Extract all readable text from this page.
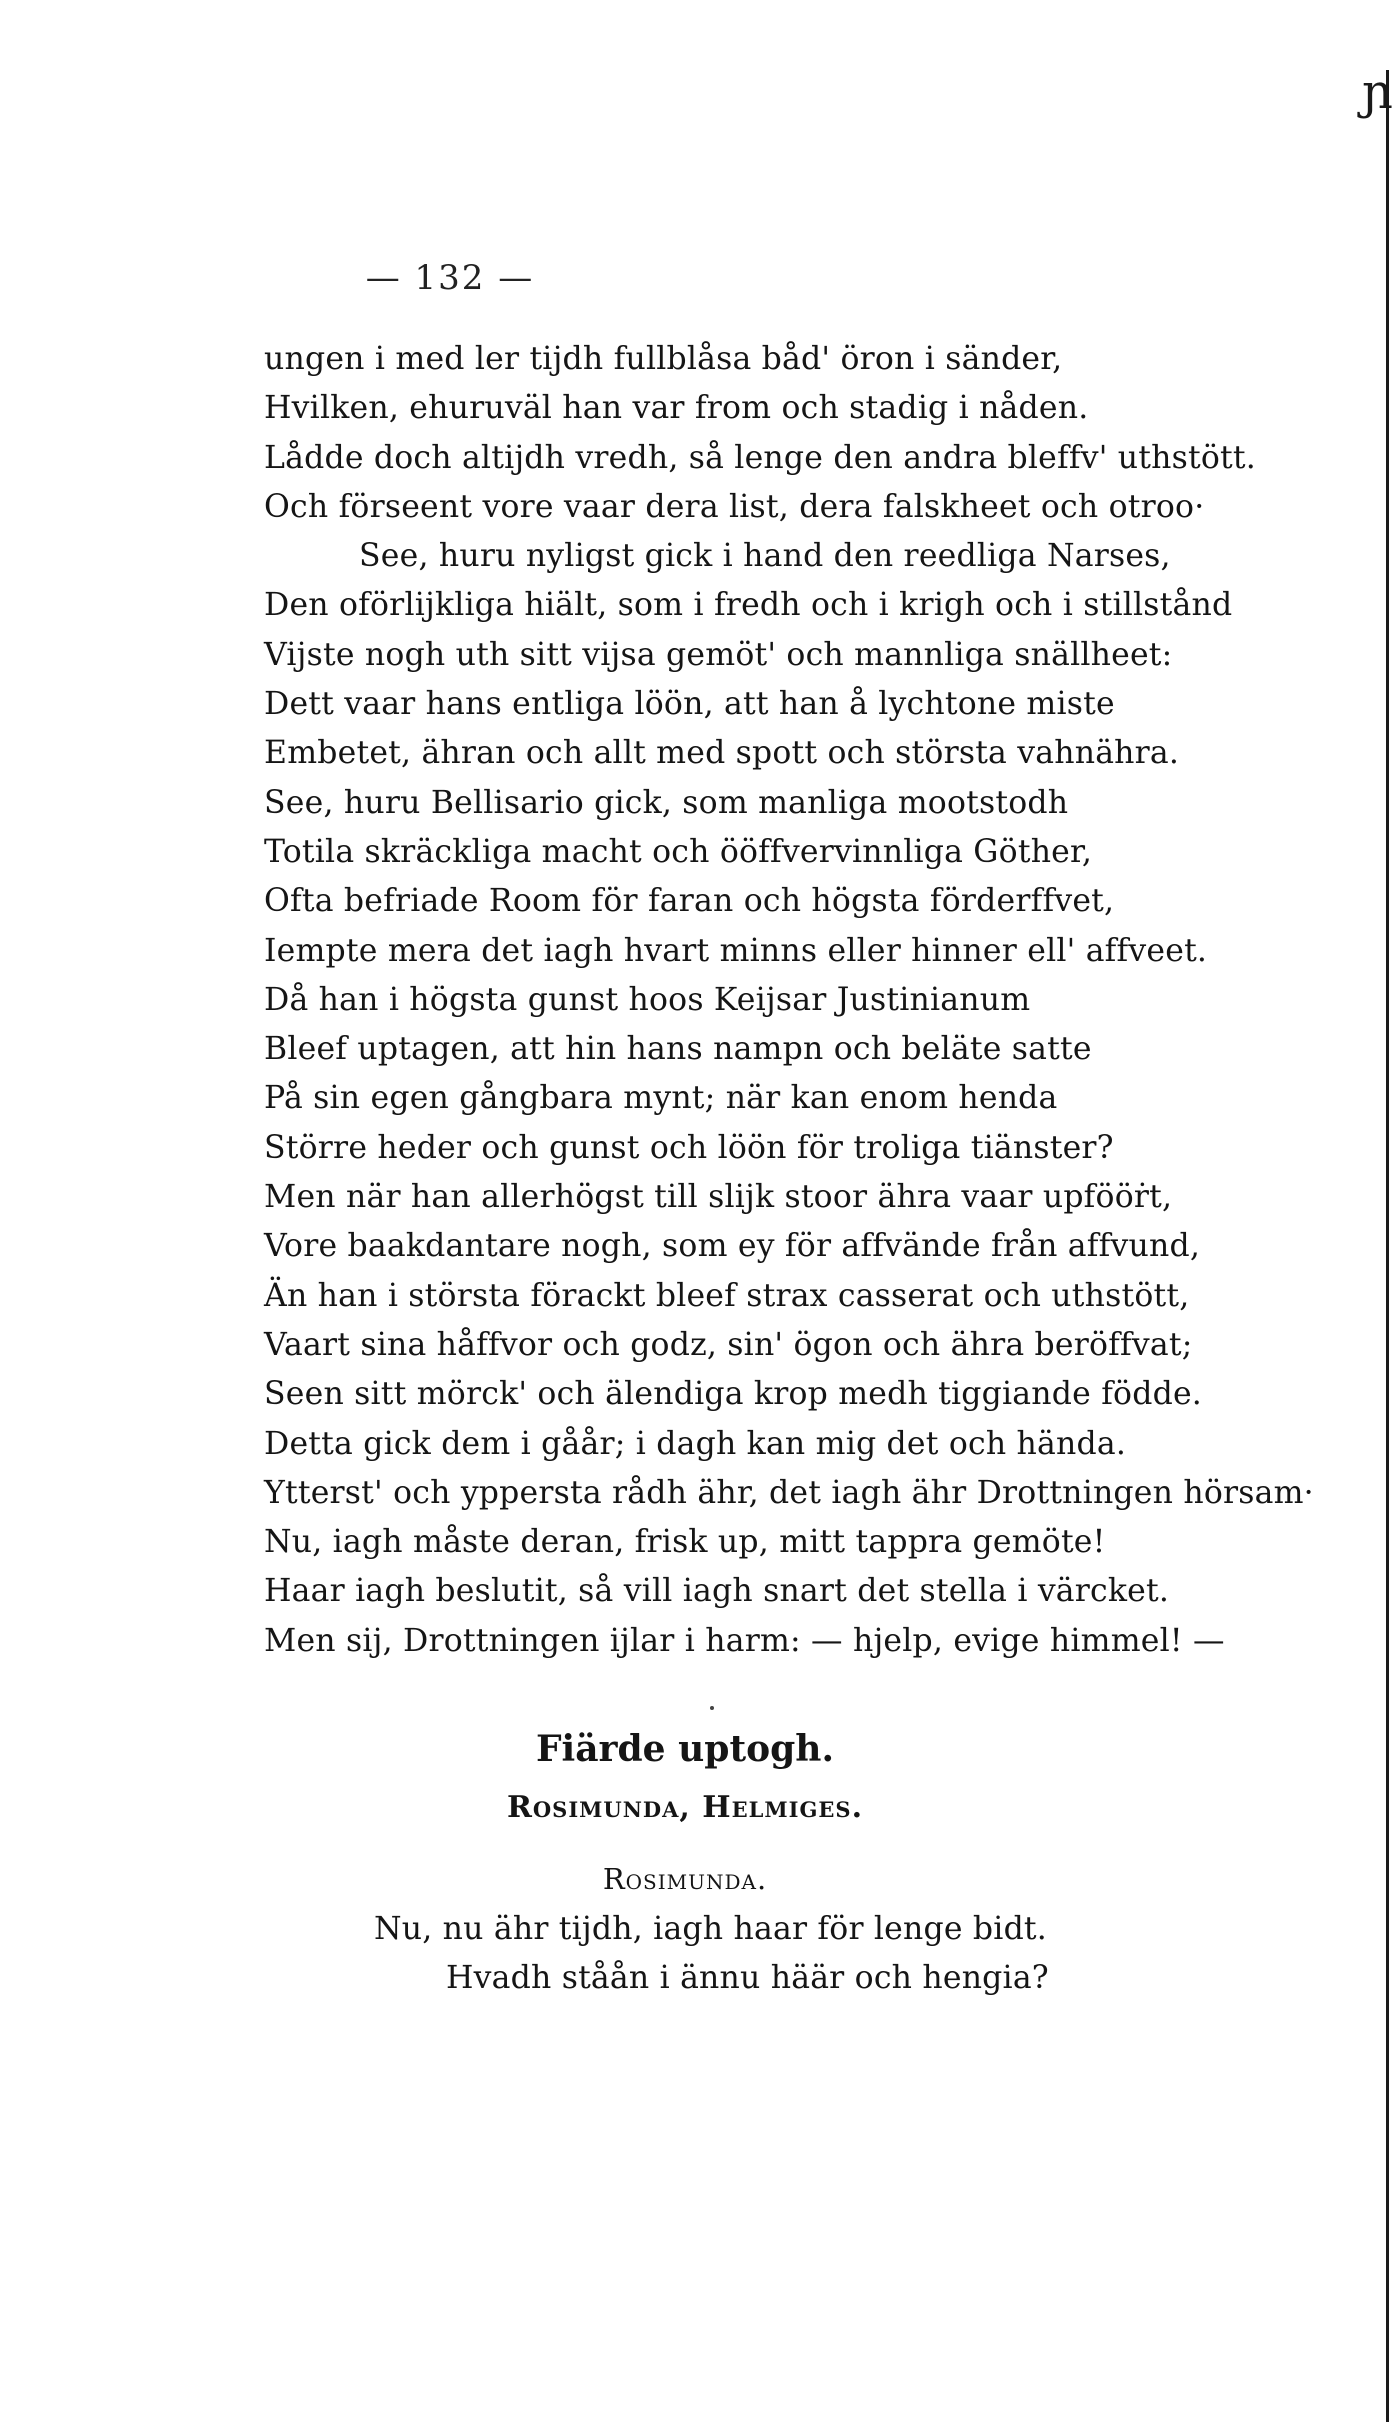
ɲ
— 132 —
ungen i med ler tijdh fullblåsa båd' öron i sänder,
Hvilken, ehuruväl han var from och stadig i nåden.
Lådde doch altijdh vredh, så lenge den andra bleffv' uthstött.
Och förseent vore vaar dera list, dera falskheet och otroo·
See, huru nyligst gick i hand den reedliga Narses,
Den oförlijkliga hiält, som i fredh och i krigh och i stillstånd
Vijste nogh uth sitt vijsa gemöt' och mannliga snällheet:
Dett vaar hans entliga löön, att han å lychtone miste
Embetet, ähran och allt med spott och största vahnähra.
See, huru Bellisario gick, som manliga mootstodh
Totila skräckliga macht och ööffvervinnliga Göther,
Ofta befriade Room för faran och högsta förderffvet,
Iempte mera det iagh hvart minns eller hinner ell' affveet.
Då han i högsta gunst hoos Keijsar Justinianum
Bleef uptagen, att hin hans nampn och beläte satte
På sin egen gångbara mynt; när kan enom henda
Större heder och gunst och löön för troliga tiänster?
Men när han allerhögst till slijk stoor ähra vaar upfööṙt,
Vore baakdantare nogh, som ey för affvände från affvund,
Än han i största förackt bleef strax casserat och uthstött,
Vaart sina håffvor och godz, sin' ögon och ähra beröffvat;
Seen sitt mörck' och älendiga krop medh tiggiande födde.
Detta gick dem i gåår; i dagh kan mig det och hända.
Ytterst' och yppersta rådh ähr, det iagh ähr Drottningen hörsam·
Nu, iagh måste deran, frisk up, mitt tappra gemöte!
Haar iagh beslutit, så vill iagh snart det stella i värcket.
Men sij, Drottningen ijlar i harm: — hjelp, evige himmel! —
Fiärde uptogh.
Rosimunda, Helmiges.
Rosimunda.
Nu, nu ähr tijdh, iagh haar för lenge bidt.
Hvadh ståån i ännu häär och hengia?
